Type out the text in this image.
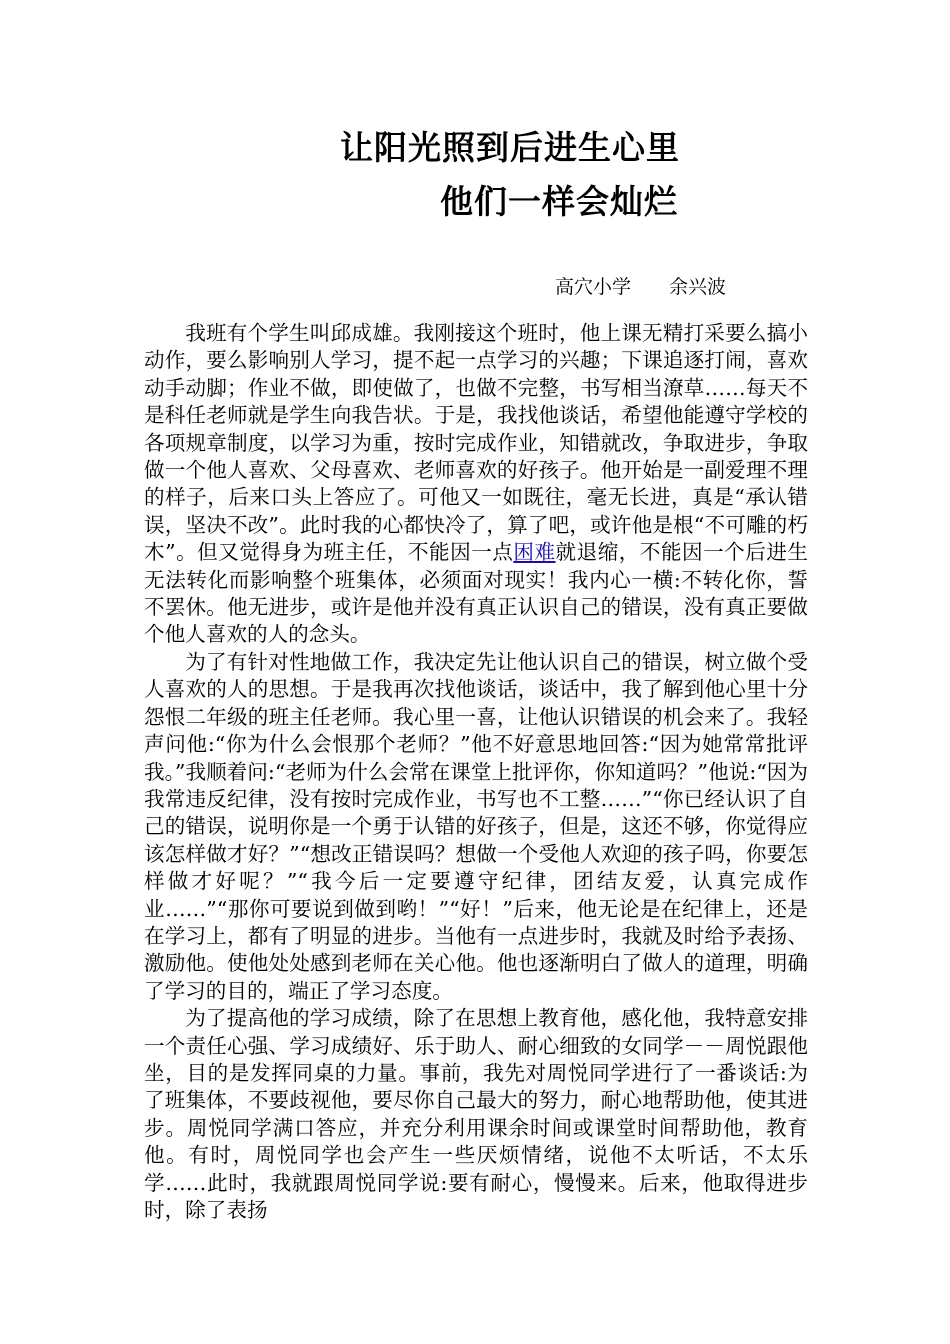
让阳光照到后进生心里
他们一样会灿烂
高穴小学 余兴波

我班有个学生叫邱成雄。我刚接这个班时，他上课无精打采要么搞小动作，要么影响别人学习，提不起一点学习的兴趣；下课追逐打闹，喜欢动手动脚；作业不做，即使做了，也做不完整，书写相当潦草……每天不是科任老师就是学生向我告状。于是，我找他谈话，希望他能遵守学校的各项规章制度，以学习为重，按时完成作业，知错就改，争取进步，争取做一个他人喜欢、父母喜欢、老师喜欢的好孩子。他开始是一副爱理不理的样子，后来口头上答应了。可他又一如既往，毫无长进，真是“承认错误，坚决不改”。此时我的心都快冷了，算了吧，或许他是根“不可雕的朽木”。但又觉得身为班主任，不能因一点困难就退缩，不能因一个后进生无法转化而影响整个班集体，必须面对现实！我内心一横:不转化你，誓不罢休。他无进步，或许是他并没有真正认识自己的错误，没有真正要做个他人喜欢的人的念头。

为了有针对性地做工作，我决定先让他认识自己的错误，树立做个受人喜欢的人的思想。于是我再次找他谈话，谈话中，我了解到他心里十分怨恨二年级的班主任老师。我心里一喜，让他认识错误的机会来了。我轻声问他:“你为什么会恨那个老师？”他不好意思地回答:“因为她常常批评我。”我顺着问:“老师为什么会常在课堂上批评你，你知道吗？”他说:“因为我常违反纪律，没有按时完成作业，书写也不工整……”“你已经认识了自己的错误，说明你是一个勇于认错的好孩子，但是，这还不够，你觉得应该怎样做才好？”“想改正错误吗？想做一个受他人欢迎的孩子吗，你要怎样做才好呢？”“我今后一定要遵守纪律，团结友爱，认真完成作业……”“那你可要说到做到哟！”“好！”后来，他无论是在纪律上，还是在学习上，都有了明显的进步。当他有一点进步时，我就及时给予表扬、激励他。使他处处感到老师在关心他。他也逐渐明白了做人的道理，明确了学习的目的，端正了学习态度。

为了提高他的学习成绩，除了在思想上教育他，感化他，我特意安排一个责任心强、学习成绩好、乐于助人、耐心细致的女同学－－周悦跟他坐，目的是发挥同桌的力量。事前，我先对周悦同学进行了一番谈话:为了班集体，不要歧视他，要尽你自己最大的努力，耐心地帮助他，使其进步。周悦同学满口答应，并充分利用课余时间或课堂时间帮助他，教育他。有时，周悦同学也会产生一些厌烦情绪，说他不太听话，不太乐学……此时，我就跟周悦同学说:要有耐心，慢慢来。后来，他取得进步时，除了表扬
